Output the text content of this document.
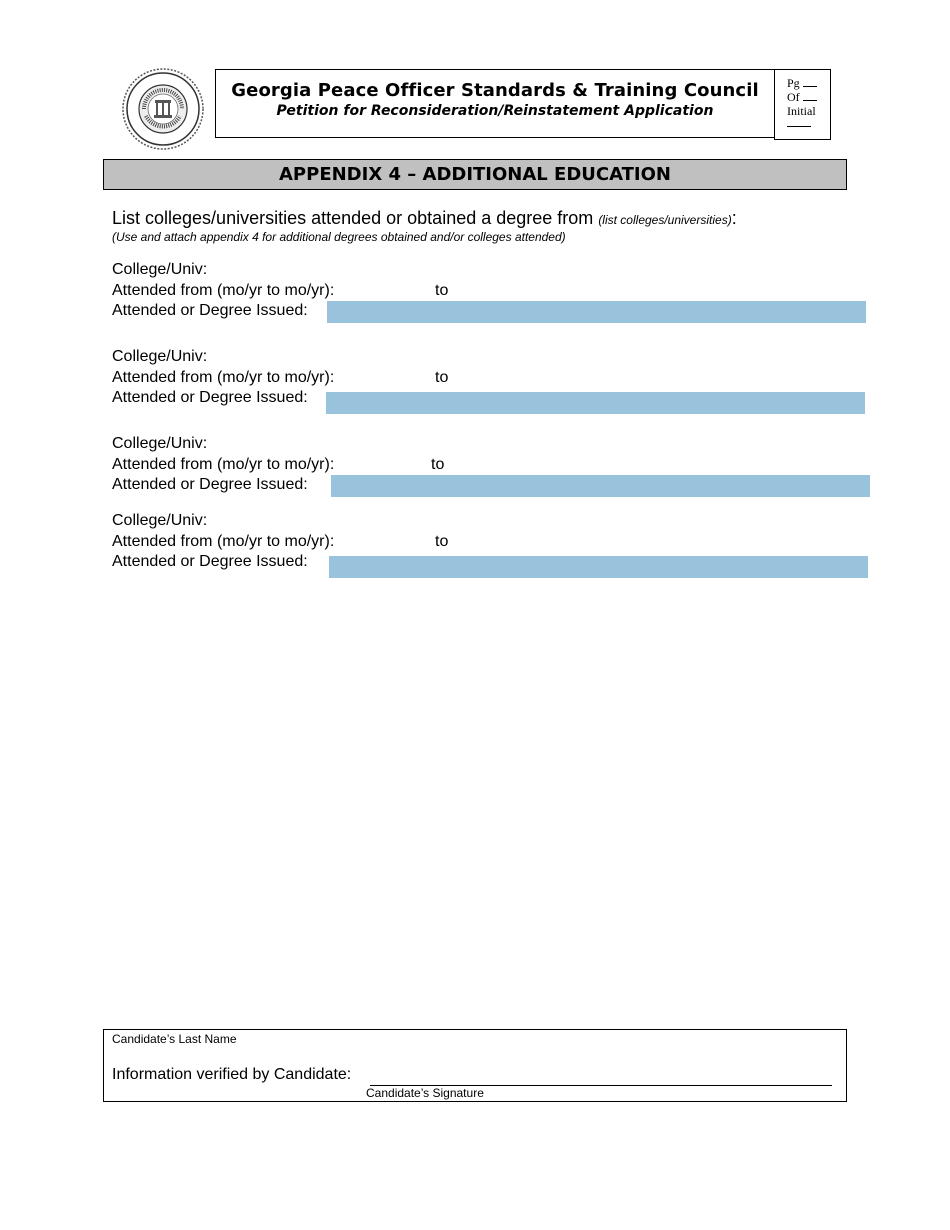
Georgia Peace Officer Standards & Training Council
Petition for Reconsideration/Reinstatement Application
Pg
Of
Initial
APPENDIX 4 – ADDITIONAL EDUCATION
List colleges/universities attended or obtained a degree from (list colleges/universities):
(Use and attach appendix 4 for additional degrees obtained and/or colleges attended)
College/Univ:
Attended from (mo/yr to mo/yr):	to
Attended or Degree Issued:
College/Univ:
Attended from (mo/yr to mo/yr):	to
Attended or Degree Issued:
College/Univ:
Attended from (mo/yr to mo/yr):	to
Attended or Degree Issued:
College/Univ:
Attended from (mo/yr to mo/yr):	to
Attended or Degree Issued:
Candidate’s Last Name
Information verified by Candidate:
Candidate’s Signature
